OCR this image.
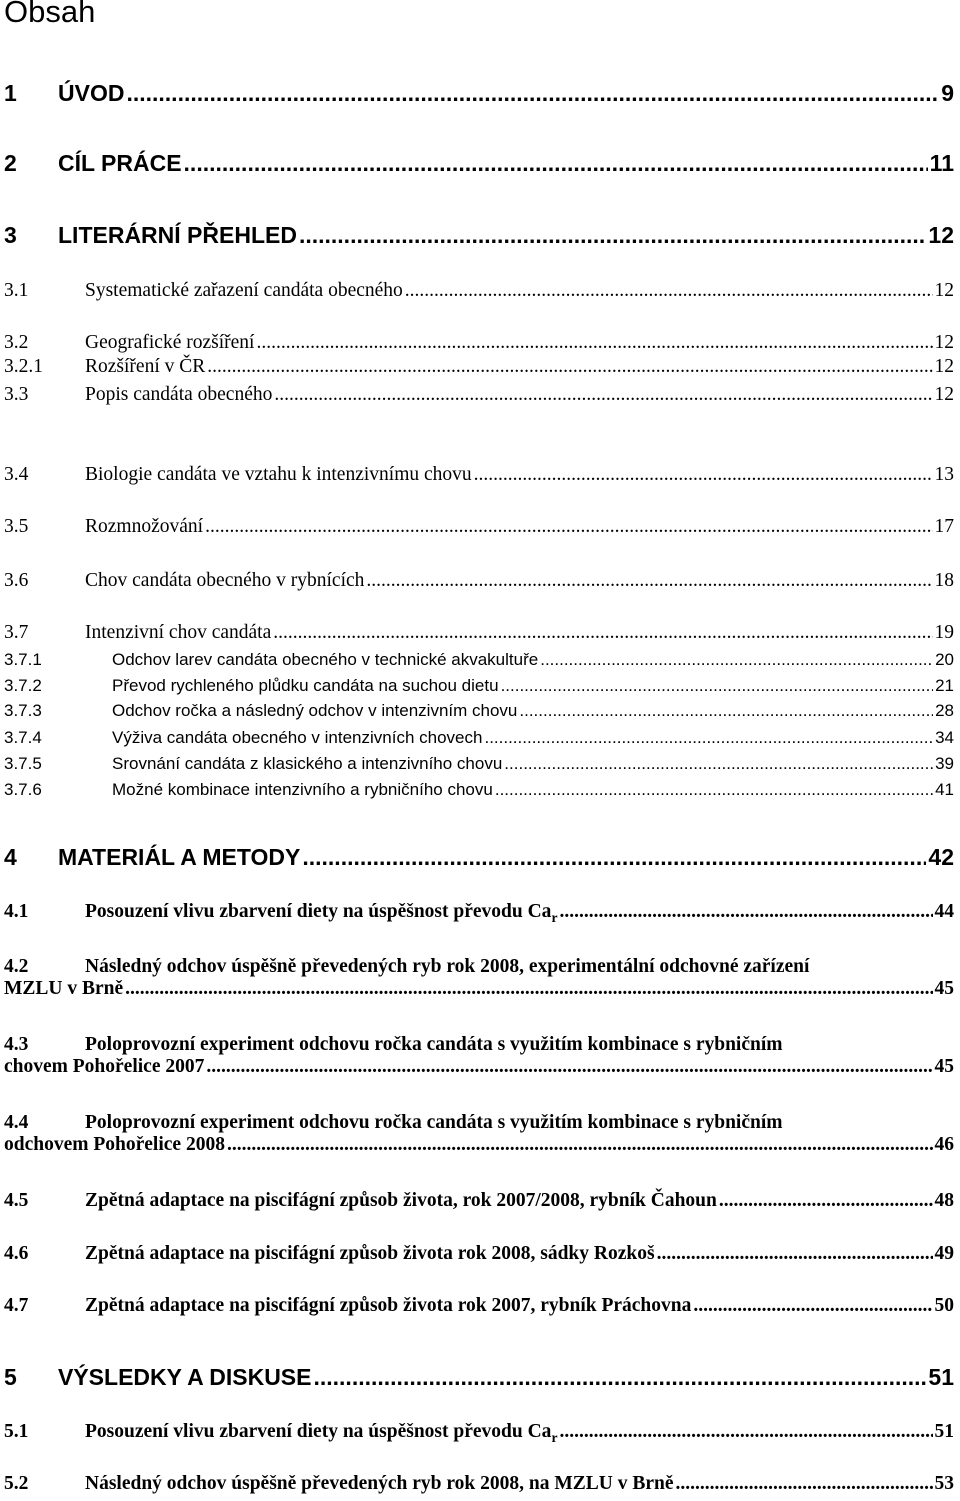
Obsah
1	ÚVOD .....	9
2	CÍL PRÁCE .....	11
3	LITERÁRNÍ PŘEHLED .....	12
3.1	Systematické zařazení candáta obecného .....	12
3.2	Geografické rozšíření .....	12
3.2.1	Rozšíření v ČR .....	12
3.3	Popis candáta obecného .....	12
3.4	Biologie candáta ve vztahu k intenzivnímu chovu .....	13
3.5	Rozmnožování .....	17
3.6	Chov candáta obecného v rybnících .....	18
3.7	Intenzivní chov candáta .....	19
3.7.1	Odchov larev candáta obecného v technické akvakultuře .....	20
3.7.2	Převod rychleného plůdku candáta na suchou dietu .....	21
3.7.3	Odchov ročka a následný odchov v intenzivním chovu .....	28
3.7.4	Výživa candáta obecného v intenzivních chovech .....	34
3.7.5	Srovnání candáta z klasického a intenzivního chovu .....	39
3.7.6	Možné kombinace intenzivního a rybničního chovu .....	41
4	MATERIÁL A METODY .....	42
4.1	Posouzení vlivu zbarvení diety na úspěšnost převodu $Ca_r$ .....	44
4.2	Následný odchov úspěšně převedených ryb rok 2008, experimentální odchovné zařízení
MZLU v Brně .....	45
4.3	Poloprovozní experiment odchovu ročka candáta s využitím kombinace s rybničním
chovem Pohořelice 2007 .....	45
4.4	Poloprovozní experiment odchovu ročka candáta s využitím kombinace s rybničním
odchovem Pohořelice 2008 .....	46
4.5	Zpětná adaptace na piscifágní způsob života, rok 2007/2008, rybník Čahoun .....	48
4.6	Zpětná adaptace na piscifágní způsob života rok 2008, sádky Rozkoš .....	49
4.7	Zpětná adaptace na piscifágní způsob života rok 2007, rybník Práchovna .....	50
5	VÝSLEDKY A DISKUSE .....	51
5.1	Posouzení vlivu zbarvení diety na úspěšnost převodu $Ca_r$ .....	51
5.2	Následný odchov úspěšně převedených ryb rok 2008, na MZLU v Brně .....	53
